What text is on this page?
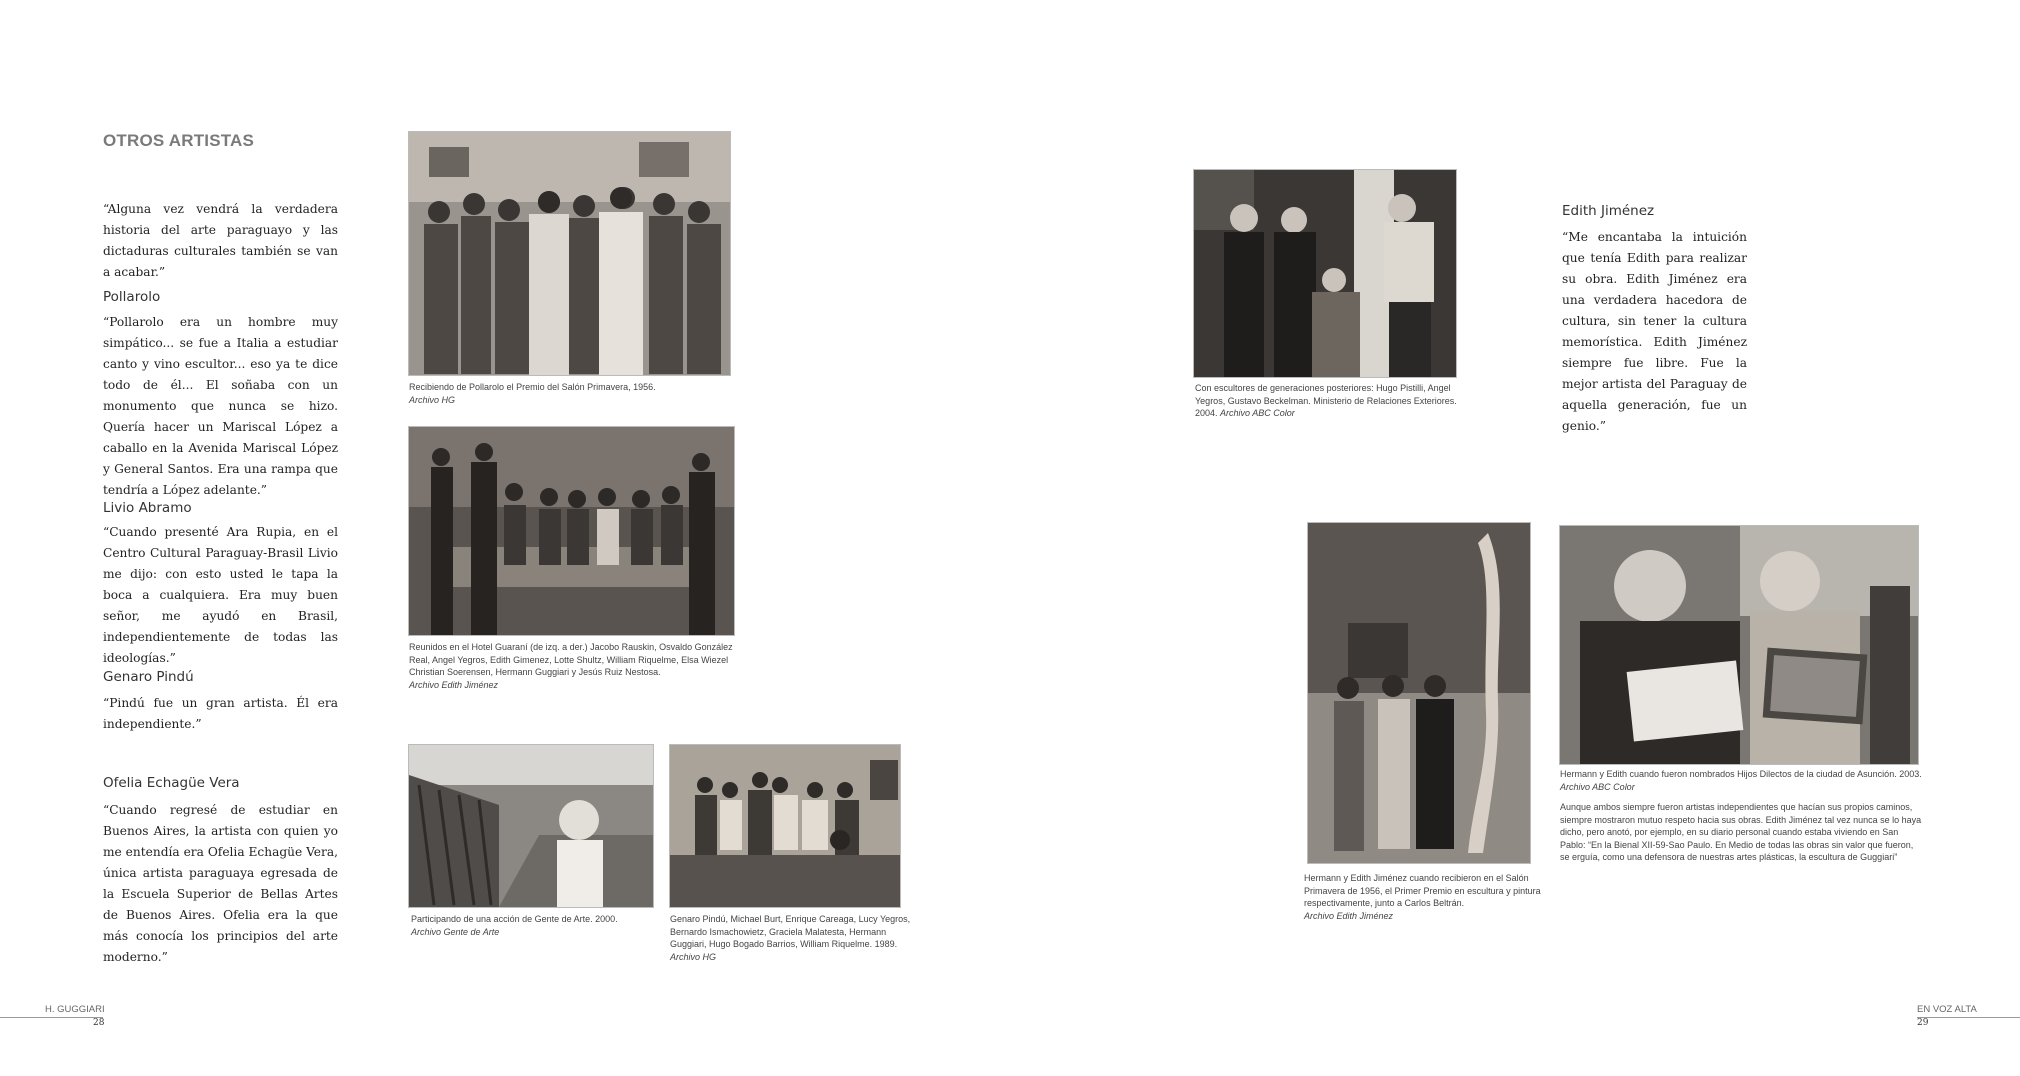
OTROS ARTISTAS
“Alguna vez vendrá la verdadera historia del arte paraguayo y las dictaduras culturales también se van a acabar.”
Pollarolo
“Pollarolo era un hombre muy simpático... se fue a Italia a estudiar canto y vino escultor... eso ya te dice todo de él... El soñaba con un monumento que nunca se hizo. Quería hacer un Mariscal López a caballo en la Avenida Mariscal López y General Santos. Era una rampa que tendría a López adelante.”
Livio Abramo
“Cuando presenté Ara Rupia, en el Centro Cultural Paraguay-Brasil Livio me dijo: con esto usted le tapa la boca a cualquiera. Era muy buen señor, me ayudó en Brasil, independientemente de todas las ideologías.”
Genaro Pindú
“Pindú fue un gran artista. Él era independiente.”
Ofelia Echagüe Vera
“Cuando regresé de estudiar en Buenos Aires, la artista con quien yo me entendía era Ofelia Echagüe Vera, única artista paraguaya egresada de la Escuela Superior de Bellas Artes de Buenos Aires. Ofelia era la que más conocía los principios del arte moderno.”
Recibiendo de Pollarolo el Premio del Salón Primavera, 1956.
Archivo HG
Reunidos en el Hotel Guaraní (de izq. a der.) Jacobo Rauskin, Osvaldo González Real, Angel Yegros, Edith Gimenez, Lotte Shultz, William Riquelme, Elsa Wiezel Christian Soerensen, Hermann Guggiari y Jesús Ruiz Nestosa.
Archivo Edith Jiménez
Participando de una acción de Gente de Arte. 2000.
Archivo Gente de Arte
Genaro Pindú, Michael Burt, Enrique Careaga, Lucy Yegros, Bernardo Ismachowietz, Graciela Malatesta, Hermann Guggiari, Hugo Bogado Barrios, William Riquelme. 1989.
Archivo HG
H. GUGGIARI
28
Con escultores de generaciones posteriores: Hugo Pistilli, Angel Yegros, Gustavo Beckelman. Ministerio de Relaciones Exteriores. 2004. Archivo ABC Color
Edith Jiménez
“Me encantaba la intuición que tenía Edith para realizar su obra. Edith Jiménez era una verdadera hacedora de cultura, sin tener la cultura memorística. Edith Jiménez siempre fue libre. Fue la mejor artista del Paraguay de aquella generación, fue un genio.”
Hermann y Edith Jiménez cuando recibieron en el Salón Primavera de 1956, el Primer Premio en escultura y pintura respectivamente, junto a Carlos Beltrán.
Archivo Edith Jiménez
Hermann y Edith cuando fueron nombrados Hijos Dilectos de la ciudad de Asunción. 2003. Archivo ABC Color
Aunque ambos siempre fueron artistas independientes que hacían sus propios caminos, siempre mostraron mutuo respeto hacia sus obras. Edith Jiménez tal vez nunca se lo haya dicho, pero anotó, por ejemplo, en su diario personal cuando estaba viviendo en San Pablo: “En la Bienal XII-59-Sao Paulo. En Medio de todas las obras sin valor que fueron, se erguía, como una defensora de nuestras artes plásticas, la escultura de Guggiari”
EN VOZ ALTA
29
